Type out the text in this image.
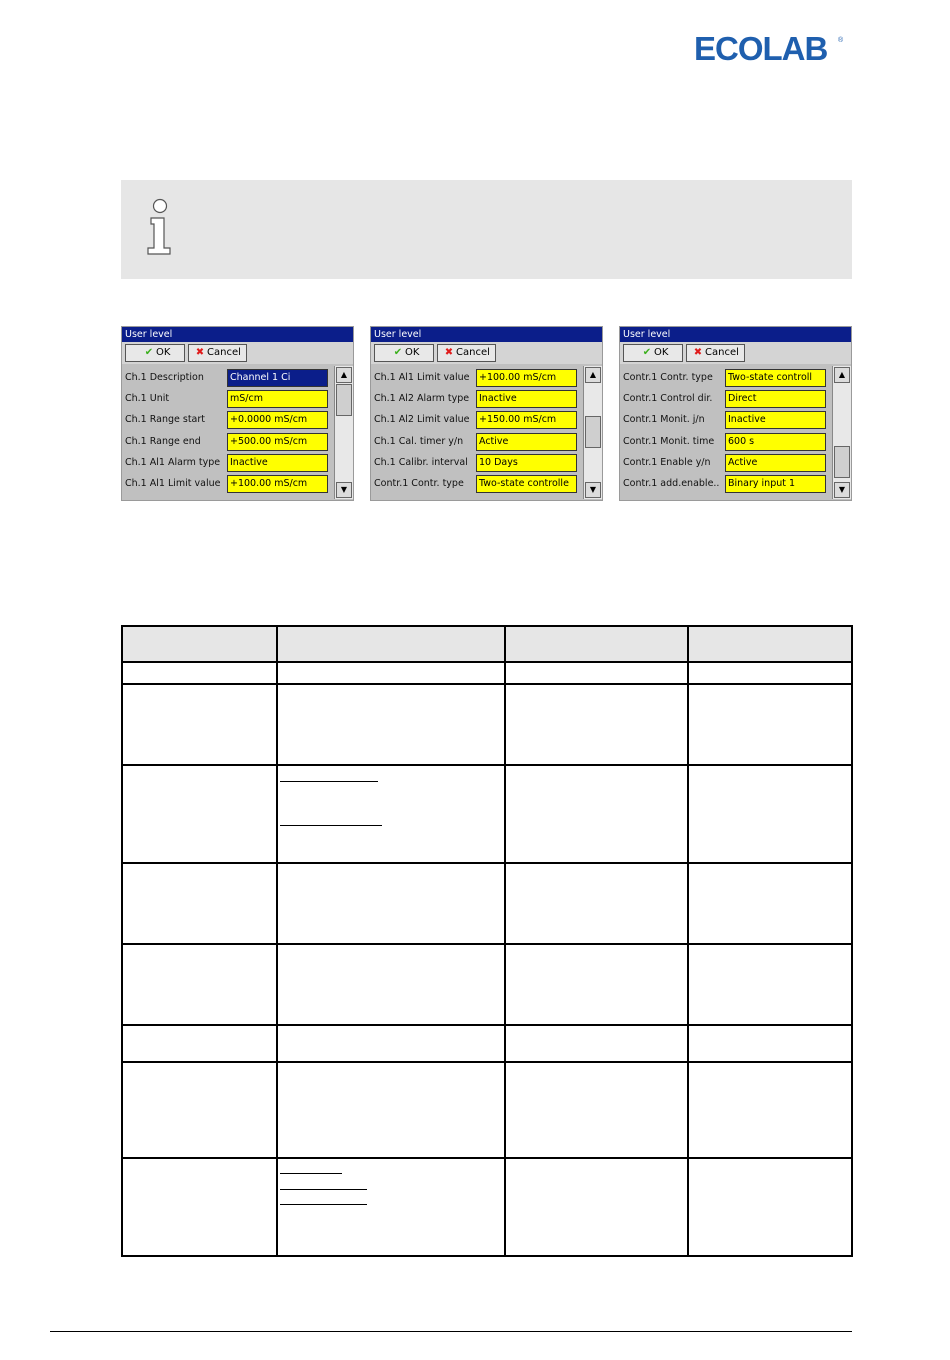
ECOLAB ®
User level
✔ OK	✖ Cancel
Ch.1 Description	Channel 1 Ci
Ch.1 Unit	mS/cm
Ch.1 Range start	+0.0000 mS/cm
Ch.1 Range end	+500.00 mS/cm
Ch.1 Al1 Alarm type	Inactive
Ch.1 Al1 Limit value	+100.00 mS/cm
▲
▼
User level
✔ OK	✖ Cancel
Ch.1 Al1 Limit value	+100.00 mS/cm
Ch.1 Al2 Alarm type	Inactive
Ch.1 Al2 Limit value	+150.00 mS/cm
Ch.1 Cal. timer y/n	Active
Ch.1 Calibr. interval	10 Days
Contr.1 Contr. type	Two-state controlle
▲
▼
User level
✔ OK	✖ Cancel
Contr.1 Contr. type	Two-state controll
Contr.1 Control dir.	Direct
Contr.1 Monit. j/n	Inactive
Contr.1 Monit. time	600 s
Contr.1 Enable y/n	Active
Contr.1 add.enable.. Binary input 1
▲
▼
